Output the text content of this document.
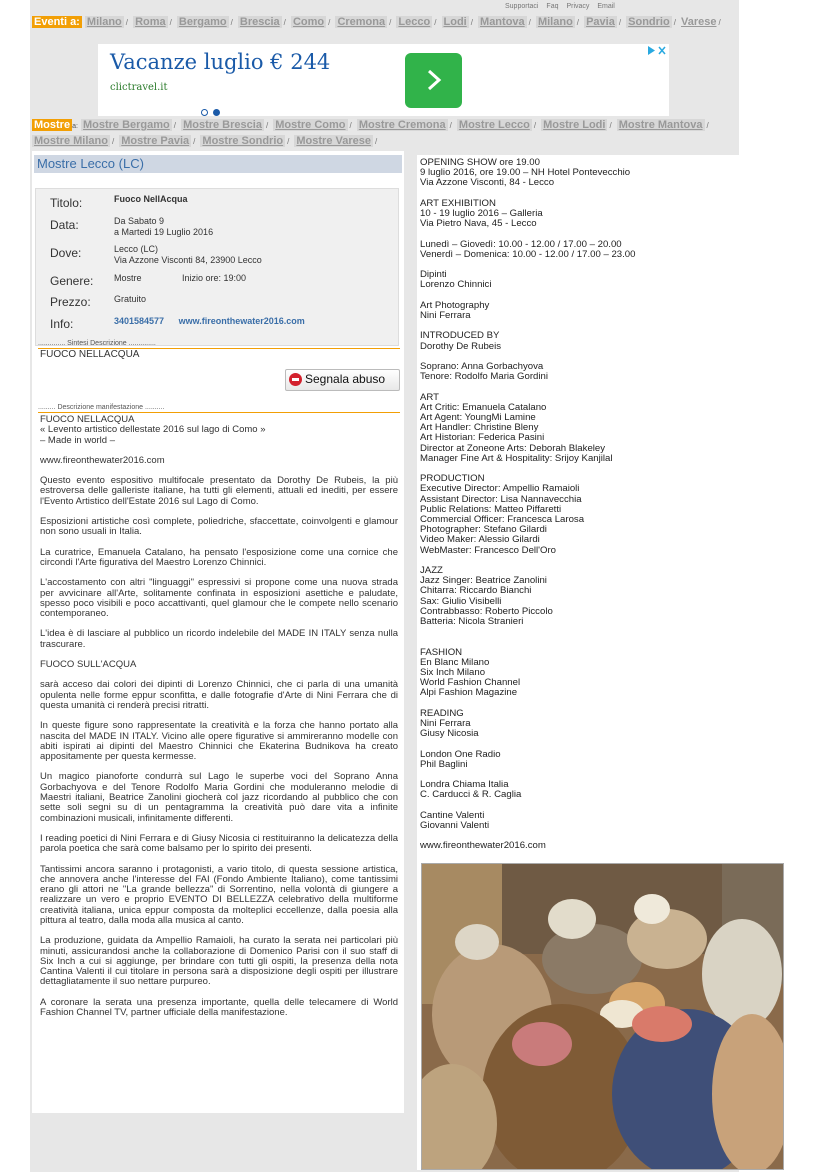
Supportaci Faq Privacy Email
Eventi a: Milano / Roma / Bergamo / Brescia / Como / Cremona / Lecco / Lodi / Mantova / Milano / Pavia / Sondrio / Varese /
Vacanze luglio € 244
clictravel.it
Mostre a: Mostre Bergamo / Mostre Brescia / Mostre Como / Mostre Cremona / Mostre Lecco / Mostre Lodi / Mostre Mantova / Mostre Milano / Mostre Pavia / Mostre Sondrio / Mostre Varese /
Mostre Lecco (LC)
Titolo:	Fuoco NellAcqua
Data:	Da Sabato 9
a Martedi 19 Luglio 2016
Dove:	Lecco (LC)
Via Azzone Visconti 84, 23900 Lecco
Genere: Mostre	Inizio ore: 19:00
Prezzo:	Gratuito
Info:	3401584577 www.fireonthewater2016.com
.............. Sintesi Descrizione ..............
FUOCO NELLACQUA
Segnala abuso
......... Descrizione manifestazione ..........

FUOCO NELLACQUA
« Levento artistico dellestate 2016 sul lago di Como »
– Made in world –

www.fireonthewater2016.com

Questo evento espositivo multifocale presentato da Dorothy De Rubeis, la più estroversa delle galleriste italiane, ha tutti gli elementi, attuali ed inediti, per essere l'Evento Artistico dell'Estate 2016 sul Lago di Como.

Esposizioni artistiche così complete, poliedriche, sfaccettate, coinvolgenti e glamour non sono usuali in Italia.

La curatrice, Emanuela Catalano, ha pensato l'esposizione come una cornice che circondi l'Arte figurativa del Maestro Lorenzo Chinnici.

L'accostamento con altri "linguaggi" espressivi si propone come una nuova strada per avvicinare all'Arte, solitamente confinata in esposizioni asettiche e paludate, spesso poco visibili e poco accattivanti, quel glamour che le compete nello scenario contemporaneo.

L'idea è di lasciare al pubblico un ricordo indelebile del MADE IN ITALY senza nulla trascurare.

FUOCO SULL'ACQUA

sarà acceso dai colori dei dipinti di Lorenzo Chinnici, che ci parla di una umanità opulenta nelle forme eppur sconfitta, e dalle fotografie d'Arte di Nini Ferrara che di questa umanità ci renderà precisi ritratti.

In queste figure sono rappresentate la creatività e la forza che hanno portato alla nascita del MADE IN ITALY. Vicino alle opere figurative si ammireranno modelle con abiti ispirati ai dipinti del Maestro Chinnici che Ekaterina Budnikova ha creato appositamente per questa kermesse.

Un magico pianoforte condurrà sul Lago le superbe voci del Soprano Anna Gorbachyova e del Tenore Rodolfo Maria Gordini che moduleranno melodie di Maestri italiani, Beatrice Zanolini giocherà col jazz ricordando al pubblico che con sette soli segni su di un pentagramma la creatività può dare vita a infinite combinazioni musicali, infinitamente differenti.

I reading poetici di Nini Ferrara e di Giusy Nicosia ci restituiranno la delicatezza della parola poetica che sarà come balsamo per lo spirito dei presenti.

Tantissimi ancora saranno i protagonisti, a vario titolo, di questa sessione artistica, che annovera anche l'interesse del FAI (Fondo Ambiente Italiano), come tantissimi erano gli attori ne "La grande bellezza" di Sorrentino, nella volontà di giungere a realizzare un vero e proprio EVENTO DI BELLEZZA celebrativo della multiforme creatività italiana, unica eppur composta da molteplici eccellenze, dalla poesia alla pittura al teatro, dalla moda alla musica al canto.

La produzione, guidata da Ampellio Ramaioli, ha curato la serata nei particolari più minuti, assicurandosi anche la collaborazione di Domenico Parisi con il suo staff di Six Inch a cui si aggiunge, per brindare con tutti gli ospiti, la presenza della nota Cantina Valenti il cui titolare in persona sarà a disposizione degli ospiti per illustrare dettagliatamente il suo nettare purpureo.

A coronare la serata una presenza importante, quella delle telecamere di World Fashion Channel TV, partner ufficiale della manifestazione.

OPENING SHOW ore 19.00
9 luglio 2016, ore 19.00 – NH Hotel Pontevecchio
Via Azzone Visconti, 84 - Lecco

ART EXHIBITION
10 - 19 luglio 2016 – Galleria
Via Pietro Nava, 45 - Lecco

Lunedì – Giovedì: 10.00 - 12.00 / 17.00 – 20.00
Venerdì – Domenica: 10.00 - 12.00 / 17.00 – 23.00

Dipinti
Lorenzo Chinnici

Art Photography
Nini Ferrara

INTRODUCED BY
Dorothy De Rubeis

Soprano: Anna Gorbachyova
Tenore: Rodolfo Maria Gordini

ART
Art Critic: Emanuela Catalano
Art Agent: YoungMi Lamine
Art Handler: Christine Bleny
Art Historian: Federica Pasini
Director at Zoneone Arts: Deborah Blakeley
Manager Fine Art & Hospitality: Srijoy Kanjilal

PRODUCTION
Executive Director: Ampellio Ramaioli
Assistant Director: Lisa Nannavecchia
Public Relations: Matteo Piffaretti
Commercial Officer: Francesca Larosa
Photographer: Stefano Gilardi
Video Maker: Alessio Gilardi
WebMaster: Francesco Dell'Oro

JAZZ
Jazz Singer: Beatrice Zanolini
Chitarra: Riccardo Bianchi
Sax: Giulio Visibelli
Contrabbasso: Roberto Piccolo
Batteria: Nicola Stranieri

FASHION
En Blanc Milano
Six Inch Milano
World Fashion Channel
Alpi Fashion Magazine

READING
Nini Ferrara
Giusy Nicosia

London One Radio
Phil Baglini

Londra Chiama Italia
C. Carducci & R. Caglia

Cantine Valenti
Giovanni Valenti

www.fireonthewater2016.com
